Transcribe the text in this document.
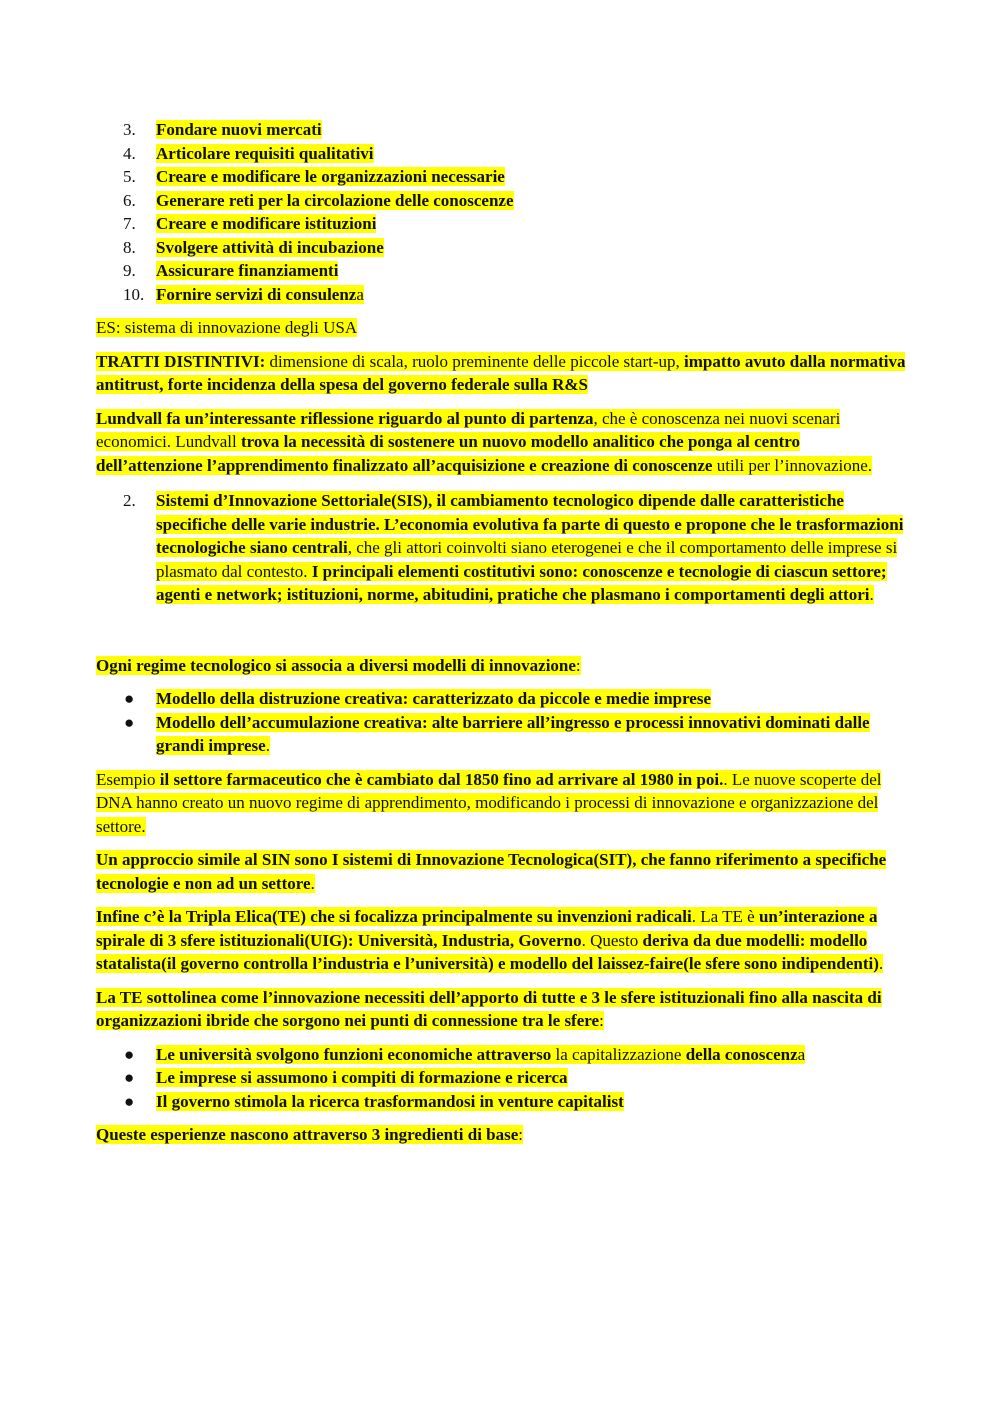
3. Fondare nuovi mercati
4. Articolare requisiti qualitativi
5. Creare e modificare le organizzazioni necessarie
6. Generare reti per la circolazione delle conoscenze
7. Creare e modificare istituzioni
8. Svolgere attività di incubazione
9. Assicurare finanziamenti
10. Fornire servizi di consulenza

ES: sistema di innovazione degli USA

TRATTI DISTINTIVI: dimensione di scala, ruolo preminente delle piccole start-up, impatto avuto dalla normativa antitrust, forte incidenza della spesa del governo federale sulla R&S

Lundvall fa un’interessante riflessione riguardo al punto di partenza, che è conoscenza nei nuovi scenari economici. Lundvall trova la necessità di sostenere un nuovo modello analitico che ponga al centro dell’attenzione l’apprendimento finalizzato all’acquisizione e creazione di conoscenze utili per l’innovazione.

2. Sistemi d’Innovazione Settoriale(SIS), il cambiamento tecnologico dipende dalle caratteristiche specifiche delle varie industrie. L’economia evolutiva fa parte di questo e propone che le trasformazioni tecnologiche siano centrali, che gli attori coinvolti siano eterogenei e che il comportamento delle imprese si plasmato dal contesto. I principali elementi costitutivi sono: conoscenze e tecnologie di ciascun settore; agenti e network; istituzioni, norme, abitudini, pratiche che plasmano i comportamenti degli attori.

Ogni regime tecnologico si associa a diversi modelli di innovazione:

● Modello della distruzione creativa: caratterizzato da piccole e medie imprese
● Modello dell’accumulazione creativa: alte barriere all’ingresso e processi innovativi dominati dalle grandi imprese.

Esempio il settore farmaceutico che è cambiato dal 1850 fino ad arrivare al 1980 in poi.. Le nuove scoperte del DNA hanno creato un nuovo regime di apprendimento, modificando i processi di innovazione e organizzazione del settore.

Un approccio simile al SIN sono I sistemi di Innovazione Tecnologica(SIT), che fanno riferimento a specifiche tecnologie e non ad un settore.

Infine c’è la Tripla Elica(TE) che si focalizza principalmente su invenzioni radicali. La TE è un’interazione a spirale di 3 sfere istituzionali(UIG): Università, Industria, Governo. Questo deriva da due modelli: modello statalista(il governo controlla l’industria e l’università) e modello del laissez-faire(le sfere sono indipendenti).

La TE sottolinea come l’innovazione necessiti dell’apporto di tutte e 3 le sfere istituzionali fino alla nascita di organizzazioni ibride che sorgono nei punti di connessione tra le sfere:

● Le università svolgono funzioni economiche attraverso la capitalizzazione della conoscenza
● Le imprese si assumono i compiti di formazione e ricerca
● Il governo stimola la ricerca trasformandosi in venture capitalist

Queste esperienze nascono attraverso 3 ingredienti di base:
